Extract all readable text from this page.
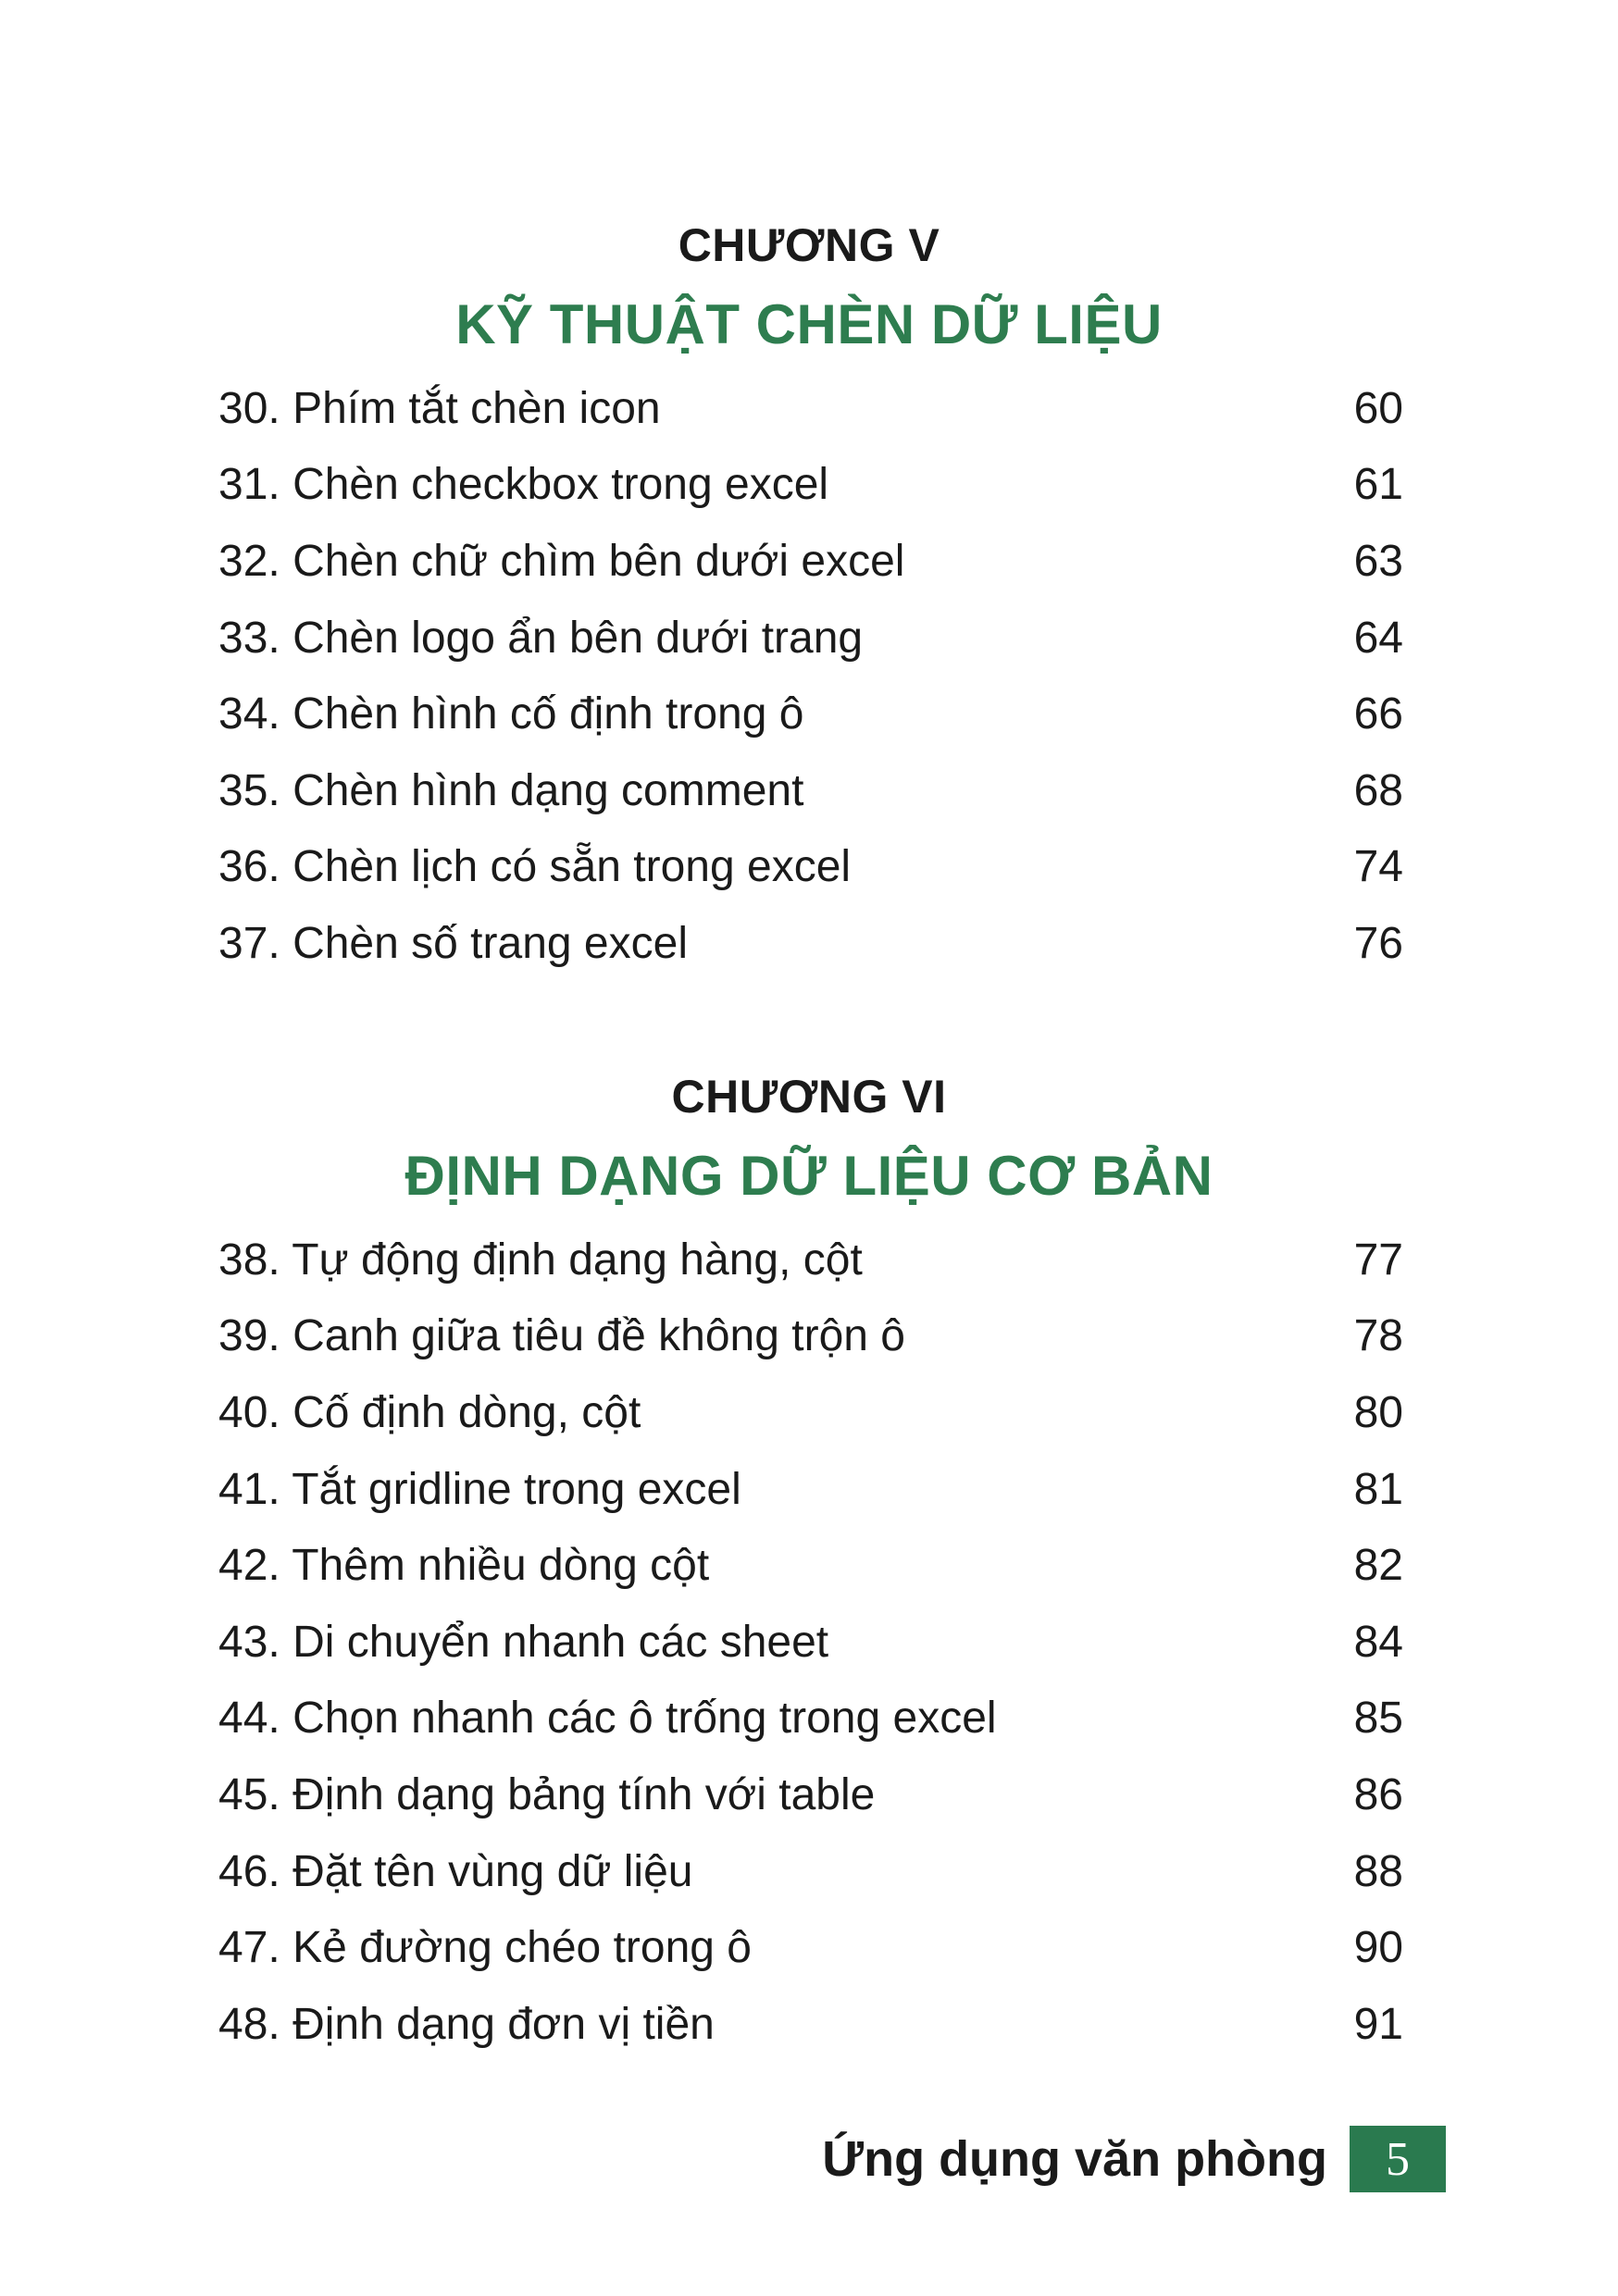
CHƯƠNG V
KỸ THUẬT CHÈN DỮ LIỆU
30. Phím tắt chèn icon	60
31. Chèn checkbox trong excel	61
32. Chèn chữ chìm bên dưới excel	63
33. Chèn logo ẩn bên dưới trang	64
34. Chèn hình cố định trong ô	66
35. Chèn hình dạng comment	68
36. Chèn lịch có sẵn trong excel	74
37. Chèn số trang excel	76
CHƯƠNG VI
ĐỊNH DẠNG DỮ LIỆU CƠ BẢN
38. Tự động định dạng hàng, cột	77
39. Canh giữa tiêu đề không trộn ô	78
40. Cố định dòng, cột	80
41. Tắt gridline trong excel	81
42. Thêm nhiều dòng cột	82
43. Di chuyển nhanh các sheet	84
44. Chọn nhanh các ô trống trong excel	85
45. Định dạng bảng tính với table	86
46. Đặt tên vùng dữ liệu	88
47. Kẻ đường chéo trong ô	90
48. Định dạng đơn vị tiền	91
Ứng dụng văn phòng	5
